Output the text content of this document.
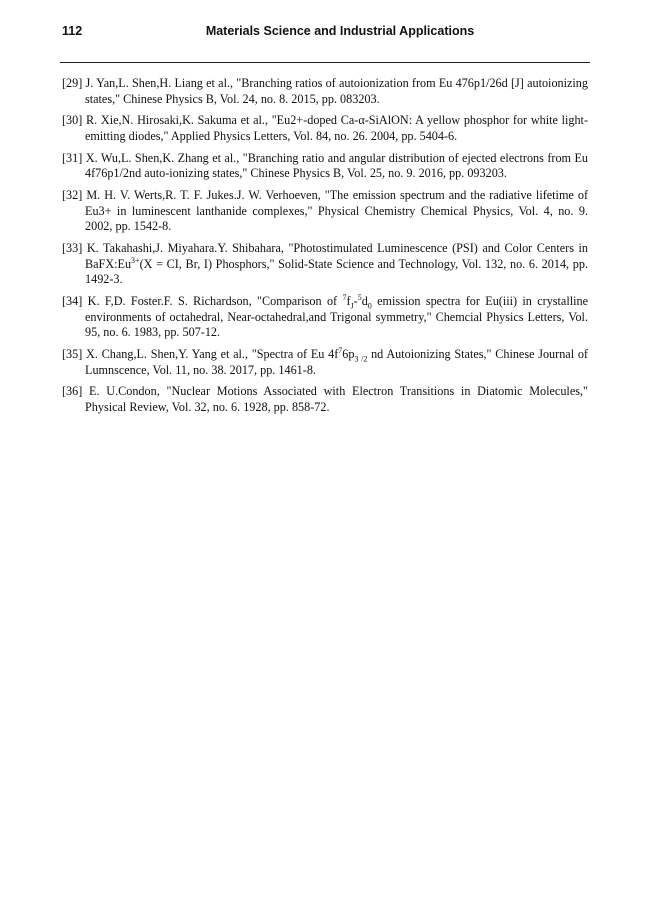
112	Materials Science and Industrial Applications

[29] J. Yan,L. Shen,H. Liang et al., "Branching ratios of autoionization from Eu 476p1/26d [J] autoionizing states," Chinese Physics B, Vol. 24, no. 8. 2015, pp. 083203.

[30] R. Xie,N. Hirosaki,K. Sakuma et al., "Eu2+-doped Ca-α-SiAlON: A yellow phosphor for white light-emitting diodes," Applied Physics Letters, Vol. 84, no. 26. 2004, pp. 5404-6.

[31] X. Wu,L. Shen,K. Zhang et al., "Branching ratio and angular distribution of ejected electrons from Eu 4f76p1/2nd auto-ionizing states," Chinese Physics B, Vol. 25, no. 9. 2016, pp. 093203.

[32] M. H. V. Werts,R. T. F. Jukes.J. W. Verhoeven, "The emission spectrum and the radiative lifetime of Eu3+ in luminescent lanthanide complexes," Physical Chemistry Chemical Physics, Vol. 4, no. 9. 2002, pp. 1542-8.

[33] K. Takahashi,J. Miyahara.Y. Shibahara, "Photostimulated Luminescence (PSI) and Color Centers in $BaFX:Eu^{3+}(X$ = CI, Br, I) Phosphors," Solid-State Science and Technology, Vol. 132, no. 6. 2014, pp. 1492-3.

[34] K. F,D. Foster.F. S. Richardson, "Comparison of $^7f_J-^5d_0$ emission spectra for Eu(iii) in crystalline environments of octahedral, Near-octahedral,and Trigonal symmetry," Chemcial Physics Letters, Vol. 95, no. 6. 1983, pp. 507-12.

[35] X. Chang,L. Shen,Y. Yang et al., "Spectra of Eu $4f^76p_{3 /2}$ nd Autoionizing States," Chinese Journal of Lumnscence, Vol. 11, no. 38. 2017, pp. 1461-8.

[36] E. U.Condon, "Nuclear Motions Associated with Electron Transitions in Diatomic Molecules," Physical Review, Vol. 32, no. 6. 1928, pp. 858-72.
